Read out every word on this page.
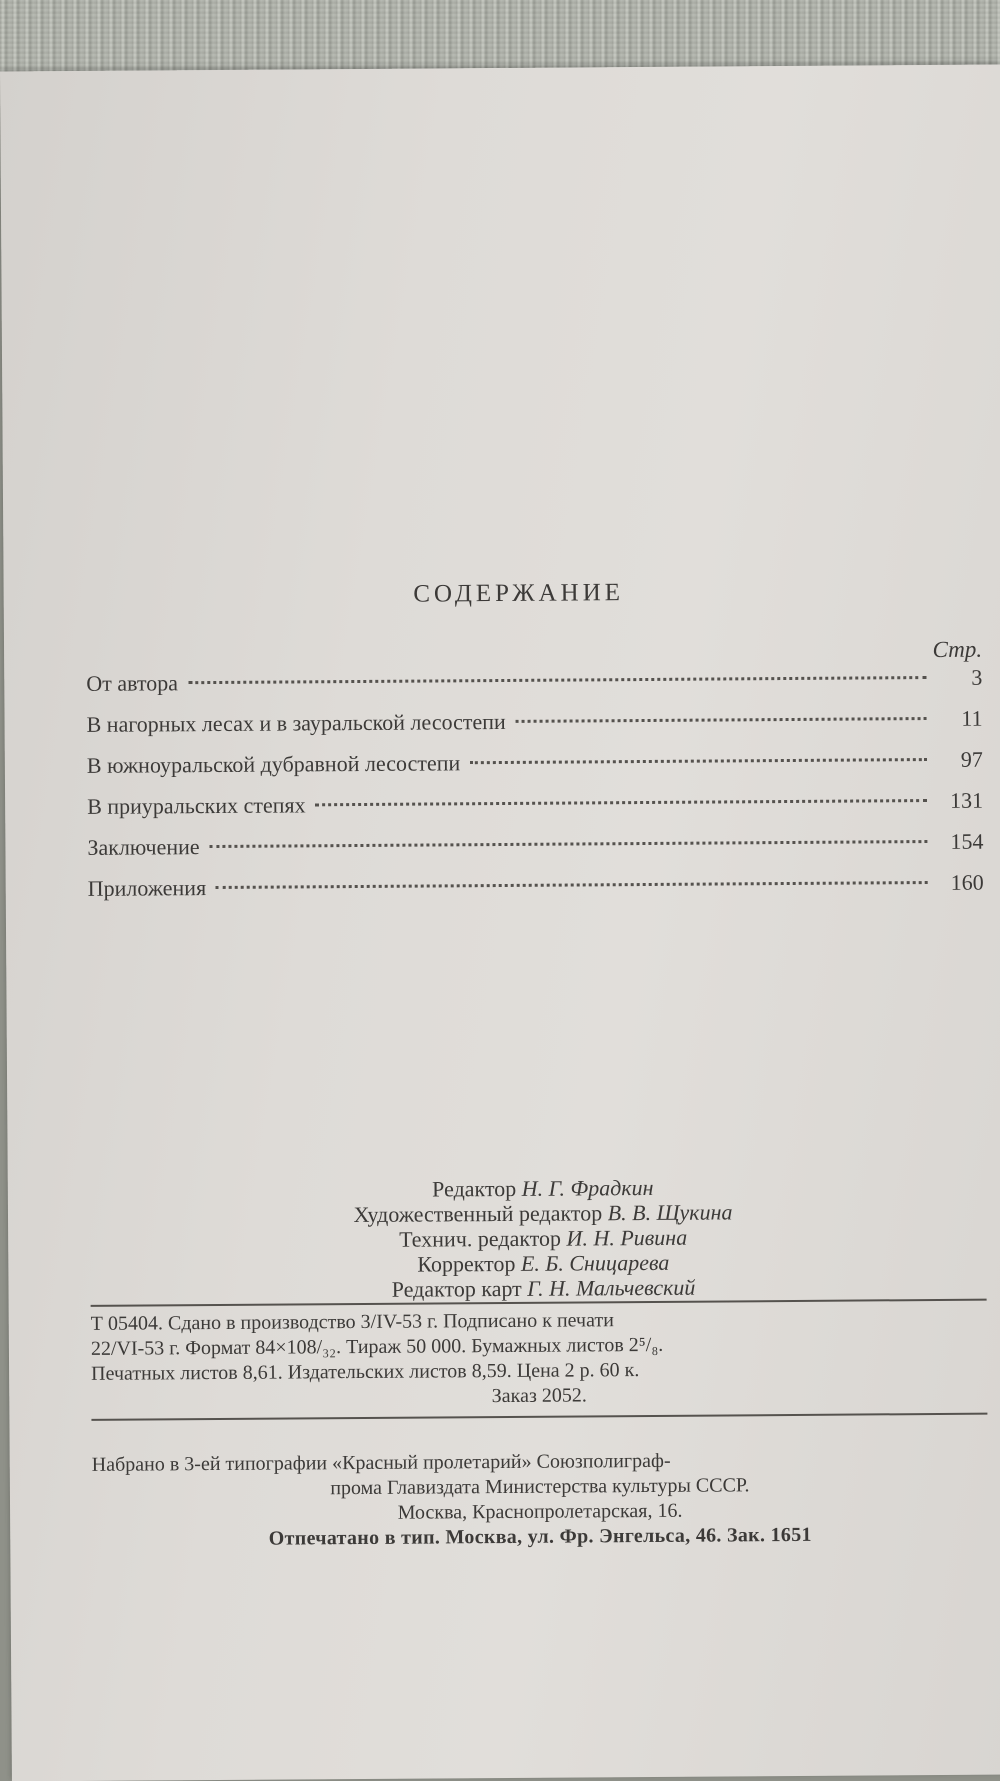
СОДЕРЖАНИЕ
Стр.
От автора	3
В нагорных лесах и в зауральской лесостепи	11
В южноуральской дубравной лесостепи	97
В приуральских степях	131
Заключение	154
Приложения	160
Редактор Н. Г. Фрадкин
Художественный редактор В. В. Щукина
Технич. редактор И. Н. Ривина
Корректор Е. Б. Сницарева
Редактор карт Г. Н. Мальчевский
Т 05404. Сдано в производство 3/IV-53 г. Подписано к печати
22/VI-53 г. Формат 84×108/₃₂. Тираж 50 000. Бумажных листов 2⁵/₈.
Печатных листов 8,61. Издательских листов 8,59. Цена 2 р. 60 к.
Заказ 2052.
Набрано в 3-ей типографии «Красный пролетарий» Союзполиграф-
прома Главиздата Министерства культуры СССР.
Москва, Краснопролетарская, 16.
Отпечатано в тип. Москва, ул. Фр. Энгельса, 46. Зак. 1651
